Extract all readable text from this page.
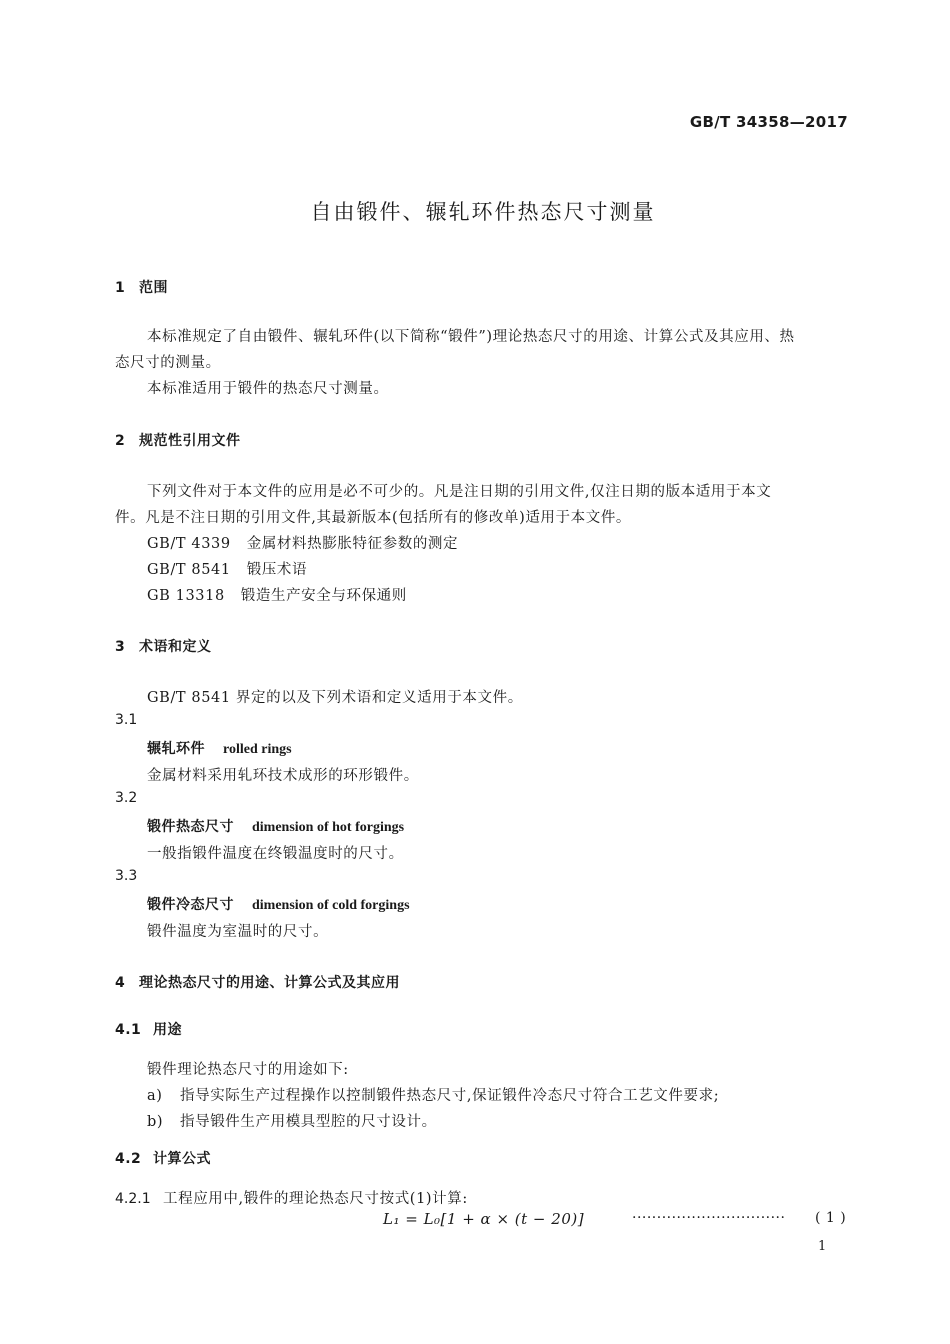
GB/T 34358—2017
自由锻件、辗轧环件热态尺寸测量
1 范围
本标准规定了自由锻件、辗轧环件(以下简称“锻件”)理论热态尺寸的用途、计算公式及其应用、热
态尺寸的测量。
本标准适用于锻件的热态尺寸测量。
2 规范性引用文件
下列文件对于本文件的应用是必不可少的。凡是注日期的引用文件,仅注日期的版本适用于本文
件。凡是不注日期的引用文件,其最新版本(包括所有的修改单)适用于本文件。
GB/T 4339 金属材料热膨胀特征参数的测定
GB/T 8541 锻压术语
GB 13318 锻造生产安全与环保通则
3 术语和定义
GB/T 8541 界定的以及下列术语和定义适用于本文件。
3.1
辗轧环件 rolled rings
金属材料采用轧环技术成形的环形锻件。
3.2
锻件热态尺寸 dimension of hot forgings
一般指锻件温度在终锻温度时的尺寸。
3.3
锻件冷态尺寸 dimension of cold forgings
锻件温度为室温时的尺寸。
4 理论热态尺寸的用途、计算公式及其应用
4.1 用途
锻件理论热态尺寸的用途如下:
a) 指导实际生产过程操作以控制锻件热态尺寸,保证锻件冷态尺寸符合工艺文件要求;
b) 指导锻件生产用模具型腔的尺寸设计。
4.2 计算公式
4.2.1 工程应用中,锻件的理论热态尺寸按式(1)计算:
L₁ = L₀[1 + α × (t − 20)]	······························· ( 1 )
1
